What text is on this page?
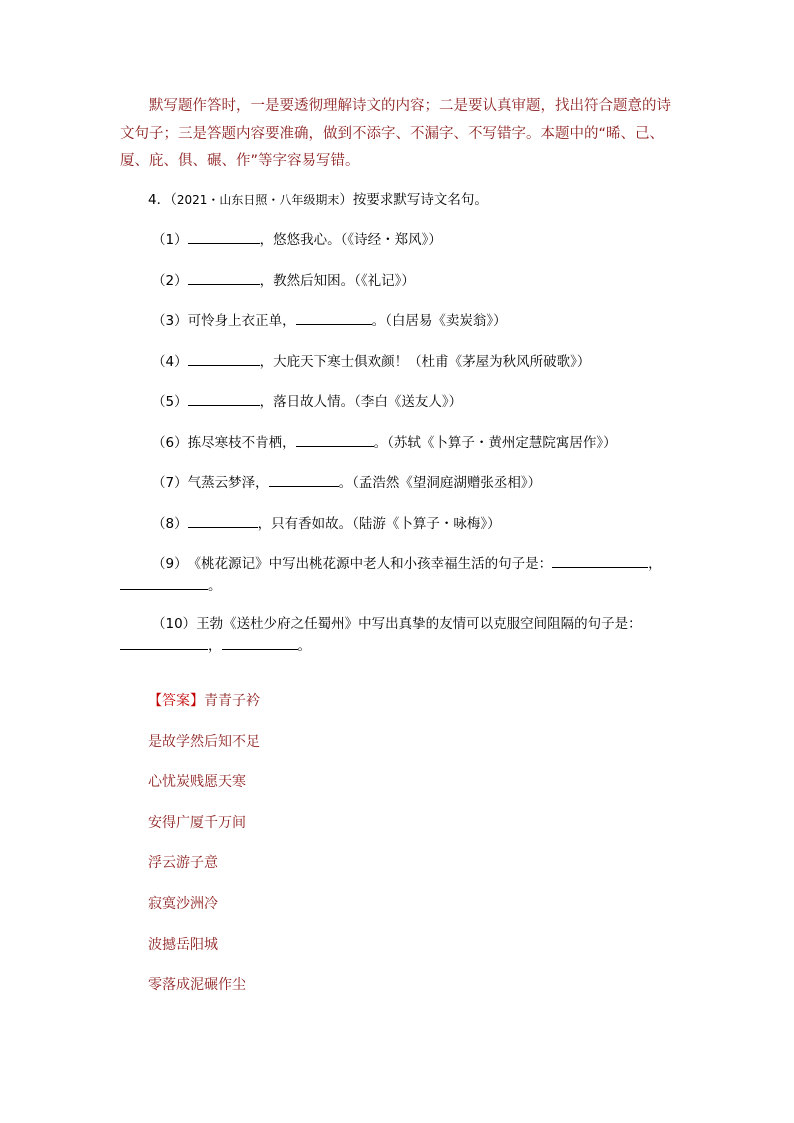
默写题作答时，一是要透彻理解诗文的内容；二是要认真审题，找出符合题意的诗文句子；三是答题内容要准确，做到不添字、不漏字、不写错字。本题中的“晞、己、厦、庇、俱、碾、作”等字容易写错。
4．（2021・山东日照・八年级期末）按要求默写诗文名句。
（1）	，悠悠我心。（《诗经・郑风》）
（2）	，教然后知困。（《礼记》）
（3）可怜身上衣正单，	。（白居易《卖炭翁》）
（4）	，大庇天下寒士俱欢颜！（杜甫《茅屋为秋风所破歌》）
（5）	，落日故人情。（李白《送友人》）
（6）拣尽寒枝不肯栖，	。（苏轼《卜算子・黄州定慧院寓居作》）
（7）气蒸云梦泽，	。（孟浩然《望洞庭湖赠张丞相》）
（8）	，只有香如故。（陆游《卜算子・咏梅》）
（9）《桃花源记》中写出桃花源中老人和小孩幸福生活的句子是：	，
。
（10）王勃《送杜少府之任蜀州》中写出真挚的友情可以克服空间阻隔的句子是：
，	。
【答案】青青子衿
是故学然后知不足
心忧炭贱愿天寒
安得广厦千万间
浮云游子意
寂寞沙洲冷
波撼岳阳城
零落成泥碾作尘
